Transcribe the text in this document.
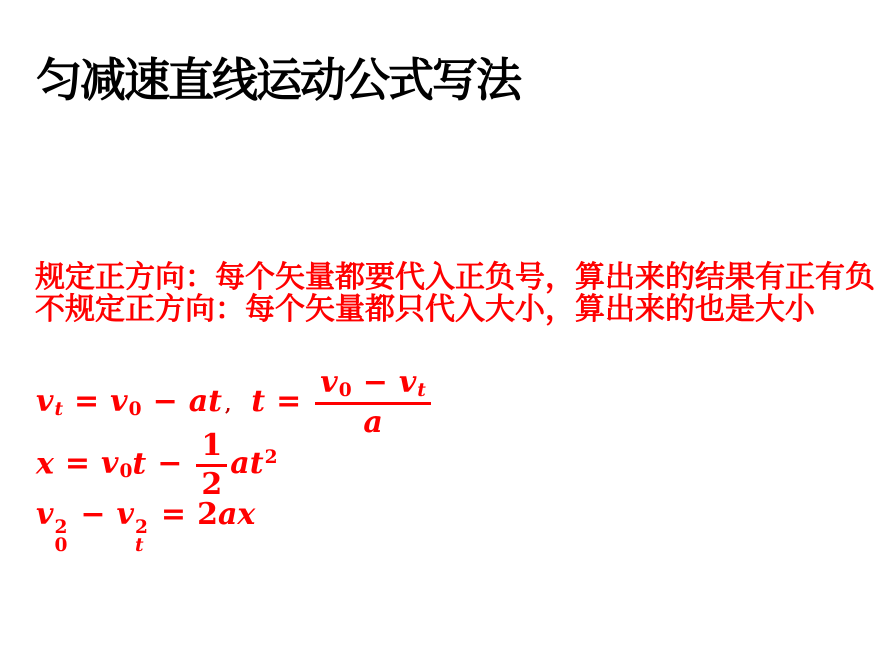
匀减速直线运动公式写法
规定正方向：每个矢量都要代入正负号，算出来的结果有正有负
不规定正方向：每个矢量都只代入大小，算出来的也是大小
vt = v0 − at , $t = \frac{v0 - vt}{a}$
$x = v0t - \frac{1}{2} at^2$
v 2
0
− v 2
t
= 2ax
